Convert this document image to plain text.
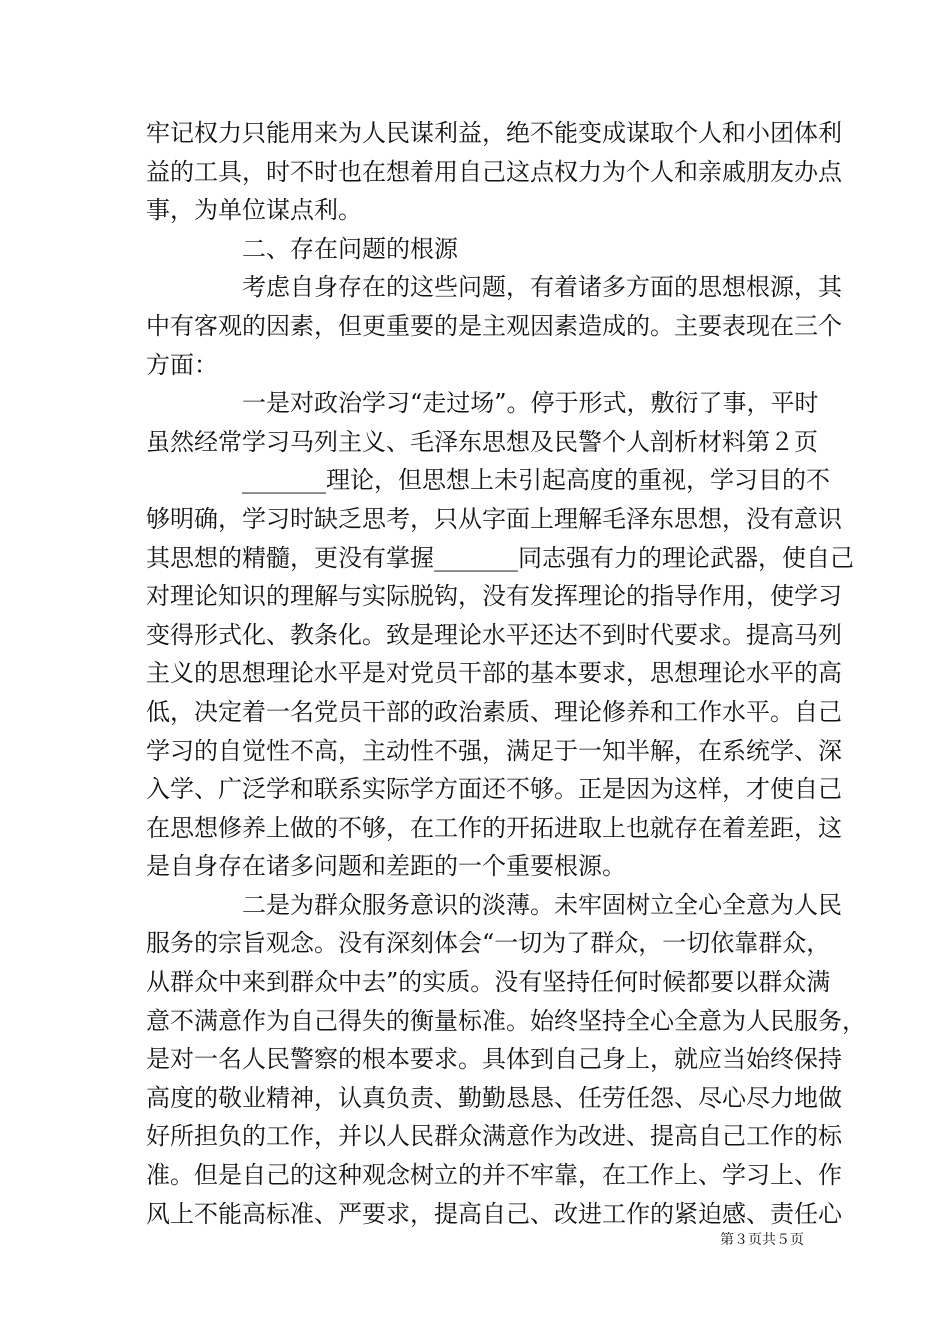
牢记权力只能用来为人民谋利益，绝不能变成谋取个人和小团体利
益的工具，时不时也在想着用自己这点权力为个人和亲戚朋友办点
事，为单位谋点利。
二、存在问题的根源
考虑自身存在的这些问题，有着诸多方面的思想根源，其
中有客观的因素，但更重要的是主观因素造成的。主要表现在三个
方面：
一是对政治学习“走过场”。停于形式，敷衍了事，平时
虽然经常学习马列主义、毛泽东思想及民警个人剖析材料第２页
_______理论，但思想上未引起高度的重视，学习目的不
够明确，学习时缺乏思考，只从字面上理解毛泽东思想，没有意识
其思想的精髓，更没有掌握_______同志强有力的理论武器，使自己
对理论知识的理解与实际脱钩，没有发挥理论的指导作用，使学习
变得形式化、教条化。致是理论水平还达不到时代要求。提高马列
主义的思想理论水平是对党员干部的基本要求，思想理论水平的高
低，决定着一名党员干部的政治素质、理论修养和工作水平。自己
学习的自觉性不高，主动性不强，满足于一知半解，在系统学、深
入学、广泛学和联系实际学方面还不够。正是因为这样，才使自己
在思想修养上做的不够，在工作的开拓进取上也就存在着差距，这
是自身存在诸多问题和差距的一个重要根源。
二是为群众服务意识的淡薄。未牢固树立全心全意为人民
服务的宗旨观念。没有深刻体会“一切为了群众，一切依靠群众，
从群众中来到群众中去”的实质。没有坚持任何时候都要以群众满
意不满意作为自己得失的衡量标准。始终坚持全心全意为人民服务，
是对一名人民警察的根本要求。具体到自己身上，就应当始终保持
高度的敬业精神，认真负责、勤勤恳恳、任劳任怨、尽心尽力地做
好所担负的工作，并以人民群众满意作为改进、提高自己工作的标
准。但是自己的这种观念树立的并不牢靠，在工作上、学习上、作
风上不能高标准、严要求，提高自己、改进工作的紧迫感、责任心
第３页共５页
